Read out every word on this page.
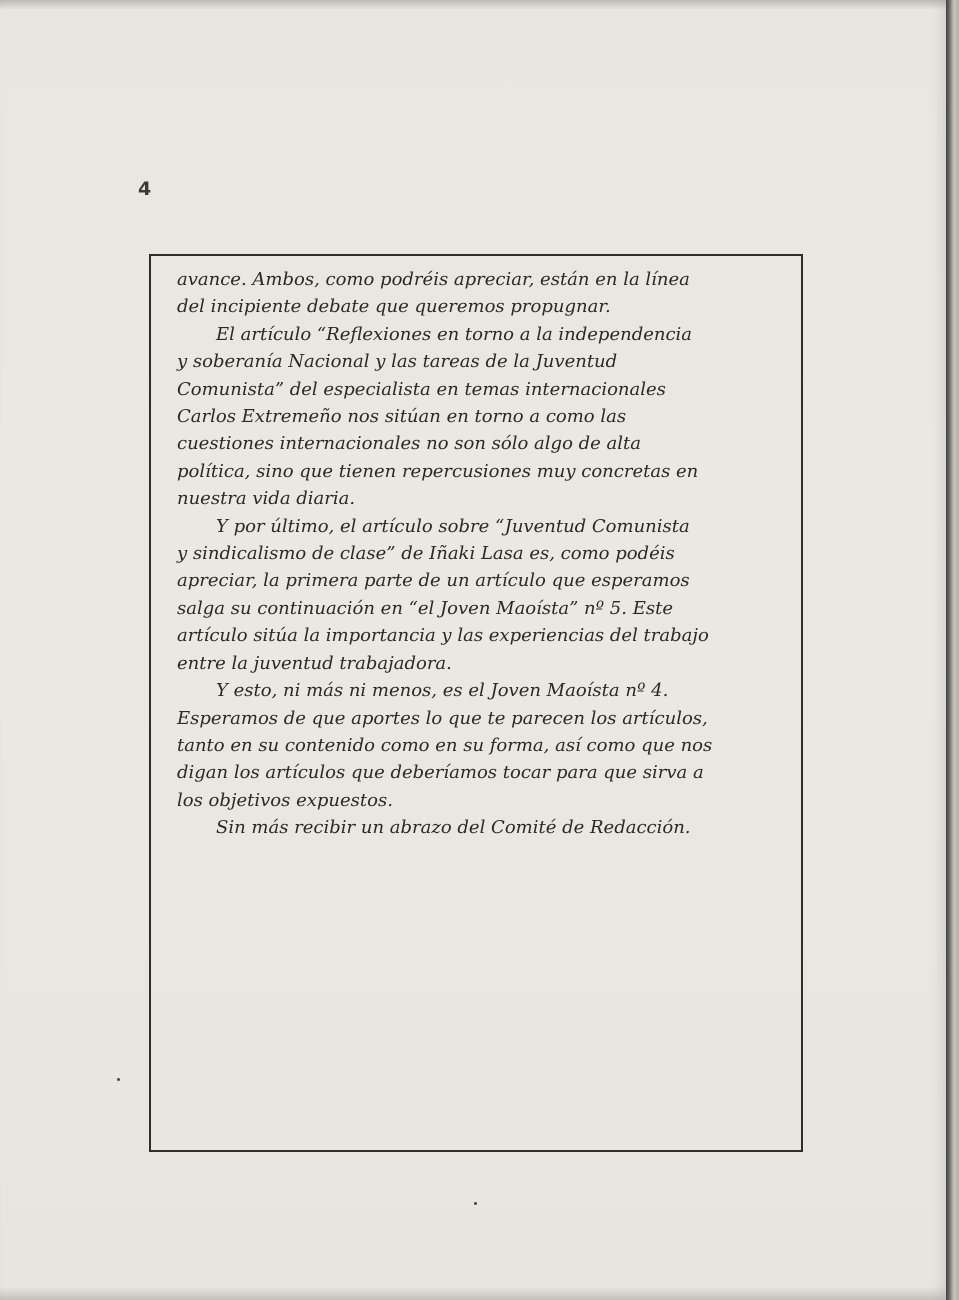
4
avance. Ambos, como podréis apreciar, están en la línea
del incipiente debate que queremos propugnar.
El artículo “Reflexiones en torno a la independencia
y soberanía Nacional y las tareas de la Juventud
Comunista” del especialista en temas internacionales
Carlos Extremeño nos sitúan en torno a como las
cuestiones internacionales no son sólo algo de alta
política, sino que tienen repercusiones muy concretas en
nuestra vida diaria.
Y por último, el artículo sobre “Juventud Comunista
y sindicalismo de clase” de Iñaki Lasa es, como podéis
apreciar, la primera parte de un artículo que esperamos
salga su continuación en “el Joven Maoísta” nº 5. Este
artículo sitúa la importancia y las experiencias del trabajo
entre la juventud trabajadora.
Y esto, ni más ni menos, es el Joven Maoísta nº 4.
Esperamos de que aportes lo que te parecen los artículos,
tanto en su contenido como en su forma, así como que nos
digan los artículos que deberíamos tocar para que sirva a
los objetivos expuestos.
Sin más recibir un abrazo del Comité de Redacción.
